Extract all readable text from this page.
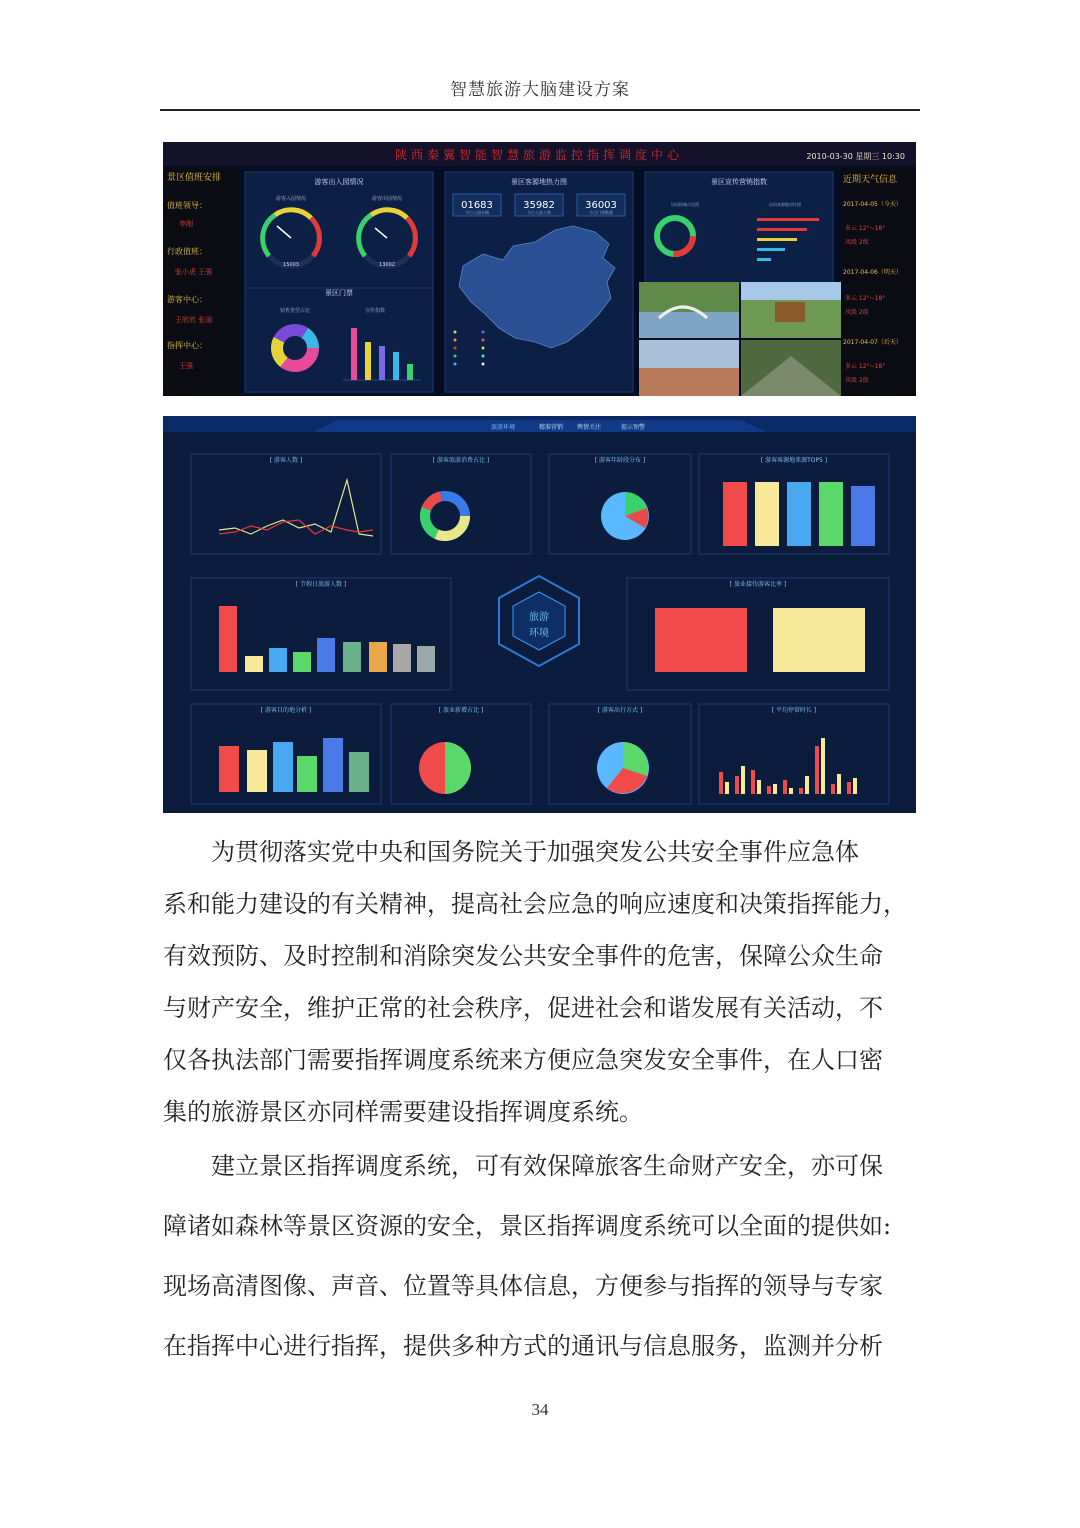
智慧旅游大脑建设方案
陕西秦翼智能智慧旅游监控指挥调度中心	2010-03-30 星期三 10:30
景区值班安排
值班领导：
李刚
行政值班：
张小虎 王强
游客中心：
王欣欣 张丽
指挥中心：
王强
游客出入园情况
游客入园情况	游客出园情况
15003	13002
景区门票
销售类型占比	宣传指数
景区客源地热力图
01683
今日入园车辆
35982
今日入园人数
36003
今日门票数量
景区宣传营销指数
访问终端占比图	访问来源地对比图
近期天气信息
2017-04-05（今天）
多云 12°~18°
风级 2级
2017-04-06（明天）
多云 12°~18°
风级 2级
2017-04-07（后天）
多云 12°~18°
风级 2级
旅游环境	精准营销 舆情关注	提示预警
旅游
环境
[ 游客人数 ]	[ 游客旅游消费占比 ]	[ 游客年龄段分布 ]	[ 游客客源地来源TOP5 ]
[ 节假日旅游人数 ]	[ 旅业接待游客比率 ]
[ 游客目的地分析 ]	[ 旅业新增占比 ]	[ 游客出行方式 ]	[ 平均停留时长 ]
为贯彻落实党中央和国务院关于加强突发公共安全事件应急体
系和能力建设的有关精神，提高社会应急的响应速度和决策指挥能力，
有效预防、及时控制和消除突发公共安全事件的危害，保障公众生命
与财产安全，维护正常的社会秩序，促进社会和谐发展有关活动，不
仅各执法部门需要指挥调度系统来方便应急突发安全事件，在人口密
集的旅游景区亦同样需要建设指挥调度系统。
建立景区指挥调度系统，可有效保障旅客生命财产安全，亦可保
障诸如森林等景区资源的安全，景区指挥调度系统可以全面的提供如:
现场高清图像、声音、位置等具体信息，方便参与指挥的领导与专家
在指挥中心进行指挥，提供多种方式的通讯与信息服务，监测并分析
34
